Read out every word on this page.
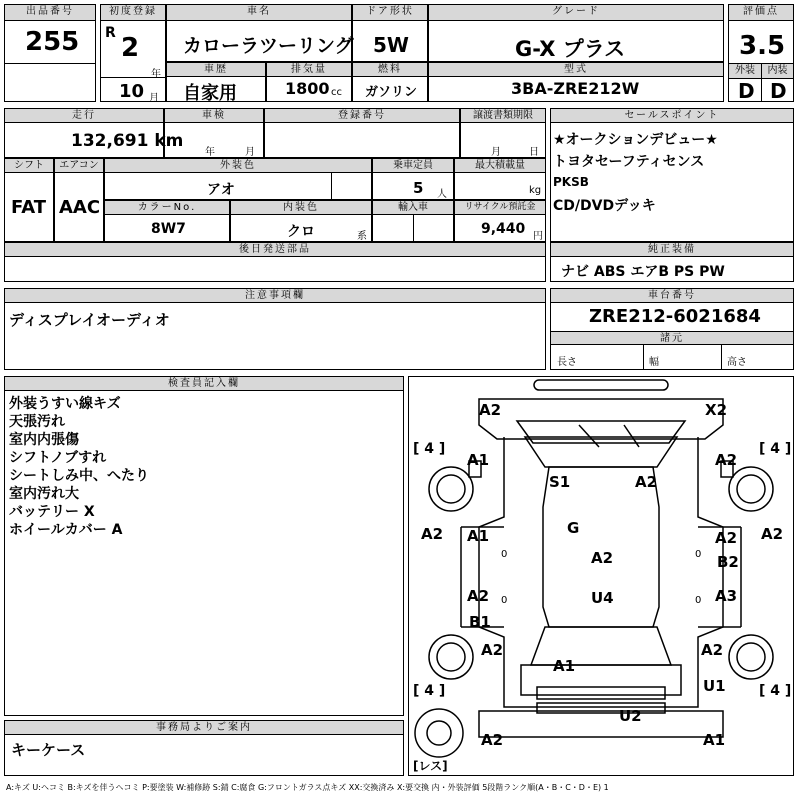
出品番号
255
初度登録
R 2
年
10 月
車名
カローラツーリング
ドア形状
5W
グレード
G-X プラス
評価点
3.5
外装	内装
D D
車歴
自家用
排気量
1800 cc
燃料
ガソリン
型式
3BA-ZRE212W
走行
132,691 km
車検
年	月
登録番号	譲渡書類期限
月	日
セールスポイント
★オークションデビュー★
トヨタセーフティセンス
PKSB
CD/DVDデッキ
シフト
FAT
エアコン
AAC
外装色
アオ
乗車定員
5 人
最大積載量
kg
カラーNo.
8W7
内装色
クロ	系
輸入車	リサイクル預託金
9,440 円
後日発送部品	純正装備
ナビ ABS エアB PS PW
注意事項欄
ディスプレイオーディオ
車台番号
ZRE212-6021684
諸元
長さ	幅	高さ
検査員記入欄
外装うすい線キズ
天張汚れ
室内内張傷
シフトノブすれ
シートしみ中、へたり
室内汚れ大
バッテリー X
ホイールカバー A
事務局よりご案内
キーケース
[ 4 ]	[ 4 ]
[ 4 ]	[ 4 ]
[レス]
0	0
0	0
A2	X2
A1	A2
S1	A2
G
A2 A1	A2
B2
A2
A2
U4
A2
B1
A3
A2	A2
A1
U1
U2
A2	A1
A:キズ U:ヘコミ B:キズを伴うヘコミ P:要塗装 W:補修跡 S:錆 C:腐食 G:フロントガラス点キズ XX:交換済み X:要交換 内・外装評価 5段階ランク順(A・B・C・D・E) 1
